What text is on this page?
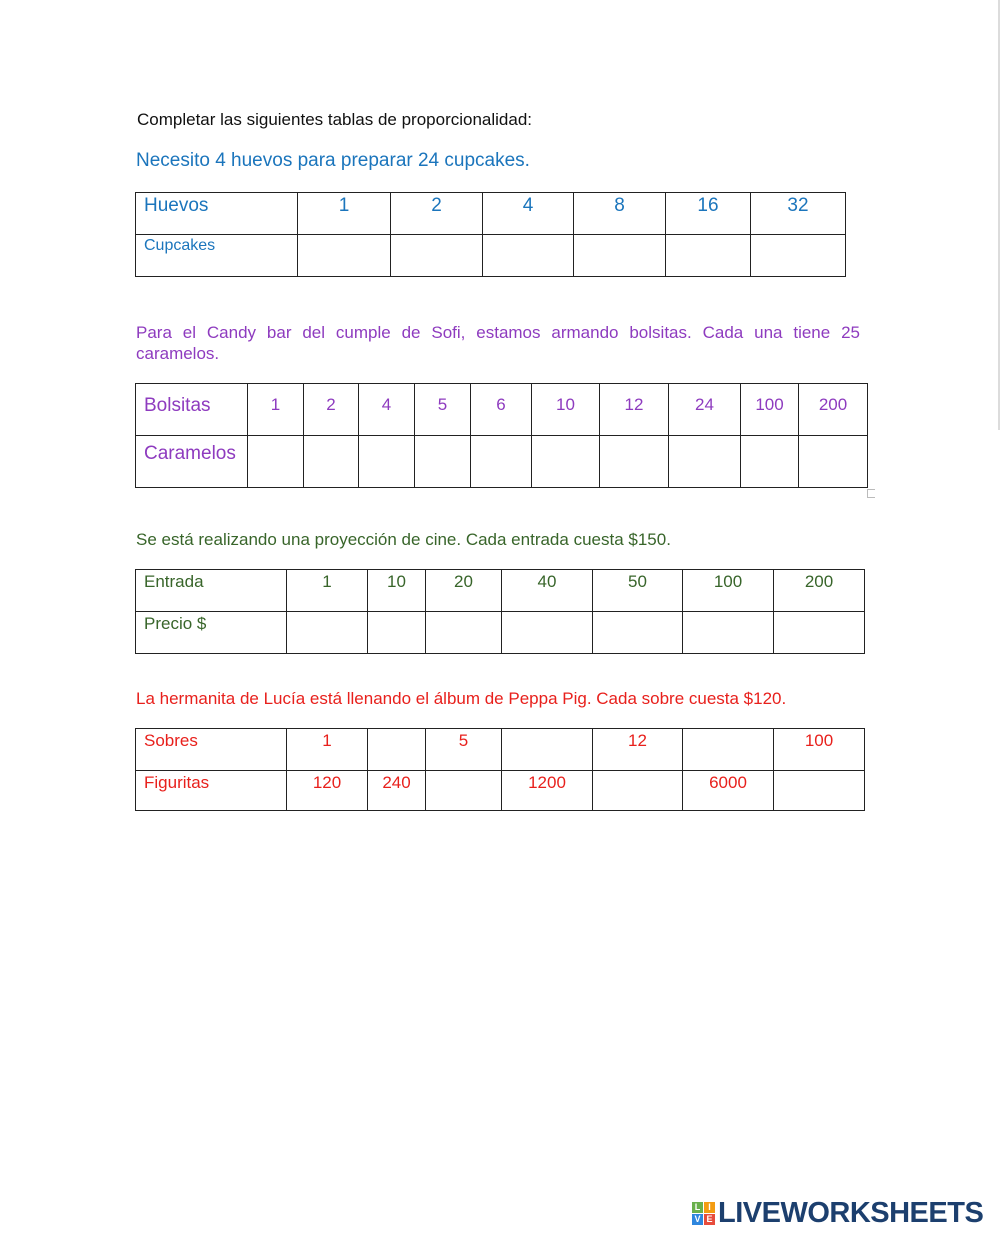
Completar las siguientes tablas de proporcionalidad:
Necesito 4 huevos para preparar 24 cupcakes.
Huevos	1	2	4	8	16	32
Cupcakes						
Para el Candy bar del cumple de Sofi, estamos armando bolsitas. Cada una tiene 25 caramelos.
Bolsitas	1	2	4	5	6	10	12	24	100	200
Caramelos										
Se está realizando una proyección de cine. Cada entrada cuesta $150.
Entrada	1	10	20	40	50	100	200
Precio $							
La hermanita de Lucía está llenando el álbum de Peppa Pig. Cada sobre cuesta $120.
Sobres	1		5		12		100
Figuritas	120	240		1200		6000	
L I
V E LIVEWORKSHEETS
